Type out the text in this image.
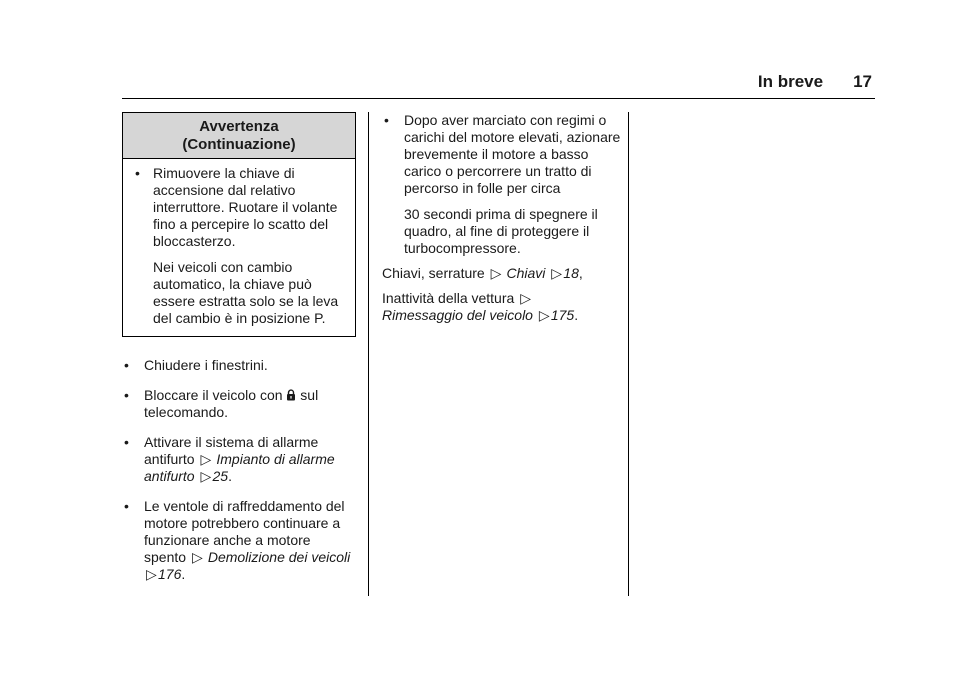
In breve 17
Avvertenza
(Continuazione)
• Rimuovere la chiave di accensione dal relativo interruttore. Ruotare il volante fino a percepire lo scatto del bloccasterzo.
Nei veicoli con cambio automatico, la chiave può essere estratta solo se la leva del cambio è in posizione P.
• Chiudere i finestrini.
• Bloccare il veicolo con sul telecomando.
• Attivare il sistema di allarme antifurto ▷ Impianto di allarme antifurto ▷25.
• Le ventole di raffreddamento del motore potrebbero continuare a funzionare anche a motore spento ▷ Demolizione dei veicoli ▷176.
• Dopo aver marciato con regimi o carichi del motore elevati, azionare brevemente il motore a basso carico o percorrere un tratto di percorso in folle per circa
30 secondi prima di spegnere il quadro, al fine di proteggere il turbocompressore.
Chiavi, serrature ▷ Chiavi ▷18,
Inattività della vettura ▷
Rimessaggio del veicolo ▷175.
